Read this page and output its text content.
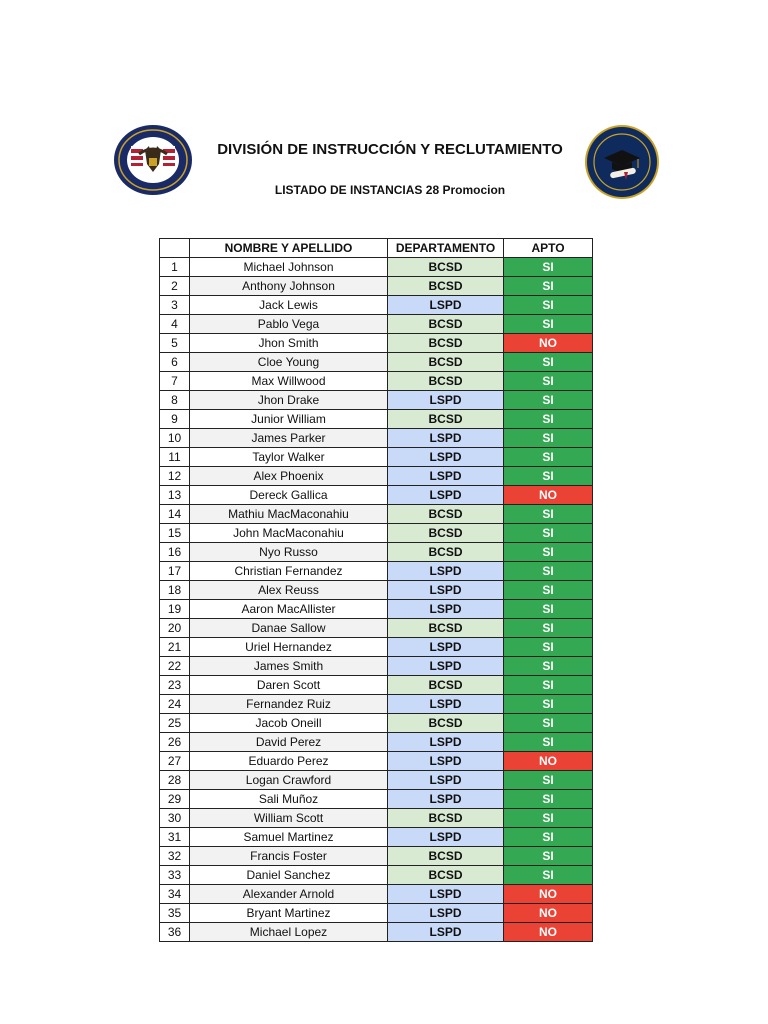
DIVISIÓN DE INSTRUCCIÓN Y RECLUTAMIENTO
LISTADO DE INSTANCIAS 28 Promocion
	NOMBRE Y APELLIDO	DEPARTAMENTO	APTO
1	Michael Johnson	BCSD	SI
2	Anthony Johnson	BCSD	SI
3	Jack Lewis	LSPD	SI
4	Pablo Vega	BCSD	SI
5	Jhon Smith	BCSD	NO
6	Cloe Young	BCSD	SI
7	Max Willwood	BCSD	SI
8	Jhon Drake	LSPD	SI
9	Junior William	BCSD	SI
10	James Parker	LSPD	SI
11	Taylor Walker	LSPD	SI
12	Alex Phoenix	LSPD	SI
13	Dereck Gallica	LSPD	NO
14	Mathiu MacMaconahiu	BCSD	SI
15	John MacMaconahiu	BCSD	SI
16	Nyo Russo	BCSD	SI
17	Christian Fernandez	LSPD	SI
18	Alex Reuss	LSPD	SI
19	Aaron MacAllister	LSPD	SI
20	Danae Sallow	BCSD	SI
21	Uriel Hernandez	LSPD	SI
22	James Smith	LSPD	SI
23	Daren Scott	BCSD	SI
24	Fernandez Ruiz	LSPD	SI
25	Jacob Oneill	BCSD	SI
26	David Perez	LSPD	SI
27	Eduardo Perez	LSPD	NO
28	Logan Crawford	LSPD	SI
29	Sali Muñoz	LSPD	SI
30	William Scott	BCSD	SI
31	Samuel Martinez	LSPD	SI
32	Francis Foster	BCSD	SI
33	Daniel Sanchez	BCSD	SI
34	Alexander Arnold	LSPD	NO
35	Bryant Martinez	LSPD	NO
36	Michael Lopez	LSPD	NO
